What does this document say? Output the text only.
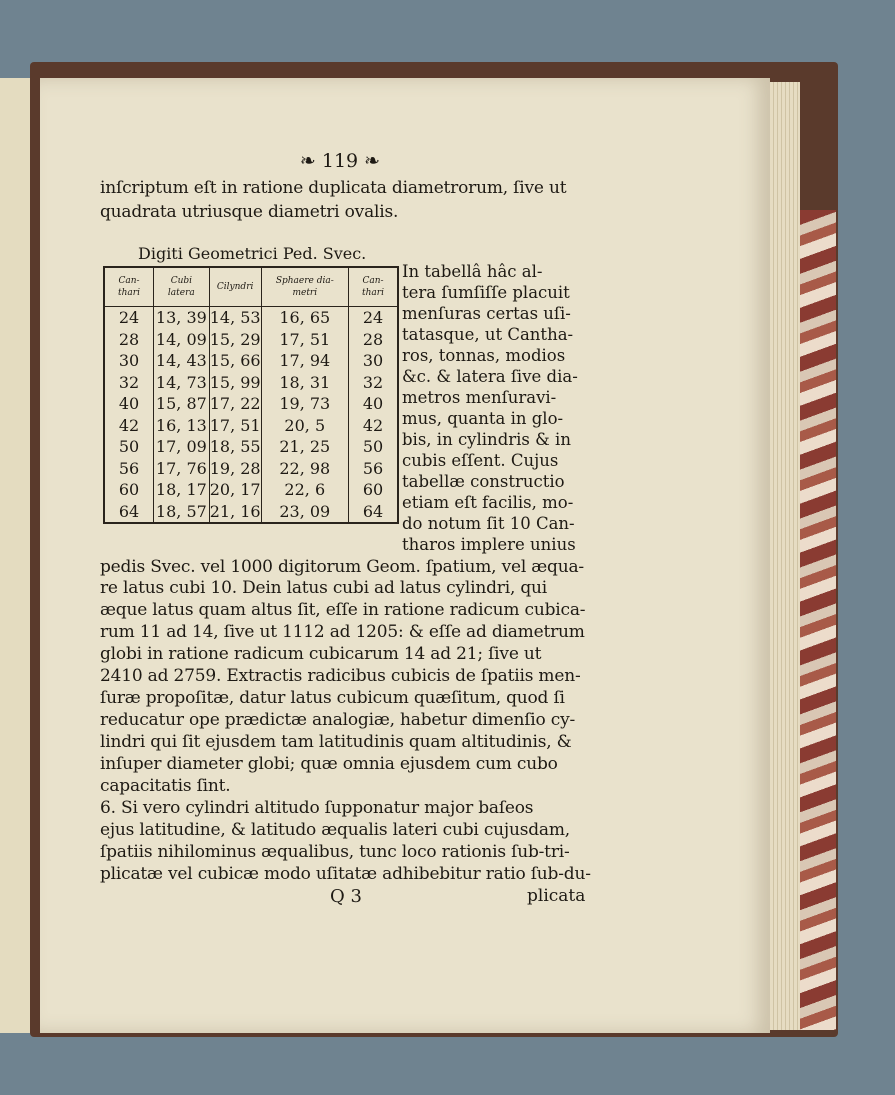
❧ 119 ❧
inſcriptum eſt in ratione duplicata diametrorum, ſive ut
quadrata utriusque diametri ovalis.
Digiti Geometrici Ped. Svec.
Can- thari	Cubi latera	Cilyndri	Sphaere dia- metri	Can- thari
24	13, 39	14, 53	16, 65	24
28	14, 09	15, 29	17, 51	28
30	14, 43	15, 66	17, 94	30
32	14, 73	15, 99	18, 31	32
40	15, 87	17, 22	19, 73	40
42	16, 13	17, 51	20, 5	42
50	17, 09	18, 55	21, 25	50
56	17, 76	19, 28	22, 98	56
60	18, 17	20, 17	22, 6	60
64	18, 57	21, 16	23, 09	64
In tabellâ hâc al-
tera ſumſiſſe placuit
menſuras certas uſi-
tatasque, ut Cantha-
ros, tonnas, modios
&c. & latera ſive dia-
metros menſuravi-
mus, quanta in glo-
bis, in cylindris & in
cubis eſſent. Cujus
tabellæ constructio
etiam eſt facilis, mo-
do notum ſit 10 Can-
tharos implere unius
pedis Svec. vel 1000 digitorum Geom. ſpatium, vel æqua-
re latus cubi 10. Dein latus cubi ad latus cylindri, qui
æque latus quam altus ſit, eſſe in ratione radicum cubica-
rum 11 ad 14, ſive ut 1112 ad 1205: & eſſe ad diametrum
globi in ratione radicum cubicarum 14 ad 21; ſive ut
2410 ad 2759. Extractis radicibus cubicis de ſpatiis men-
ſuræ propoſitæ, datur latus cubicum quæſitum, quod ſi
reducatur ope prædictæ analogiæ, habetur dimenſio cy-
lindri qui ſit ejusdem tam latitudinis quam altitudinis, &
inſuper diameter globi; quæ omnia ejusdem cum cubo
capacitatis ſint.
6. Si vero cylindri altitudo ſupponatur major baſeos
ejus latitudine, & latitudo æqualis lateri cubi cujusdam,
ſpatiis nihilominus æqualibus, tunc loco rationis ſub-tri-
plicatæ vel cubicæ modo uſitatæ adhibebitur ratio ſub-du-
Q 3	plicata
